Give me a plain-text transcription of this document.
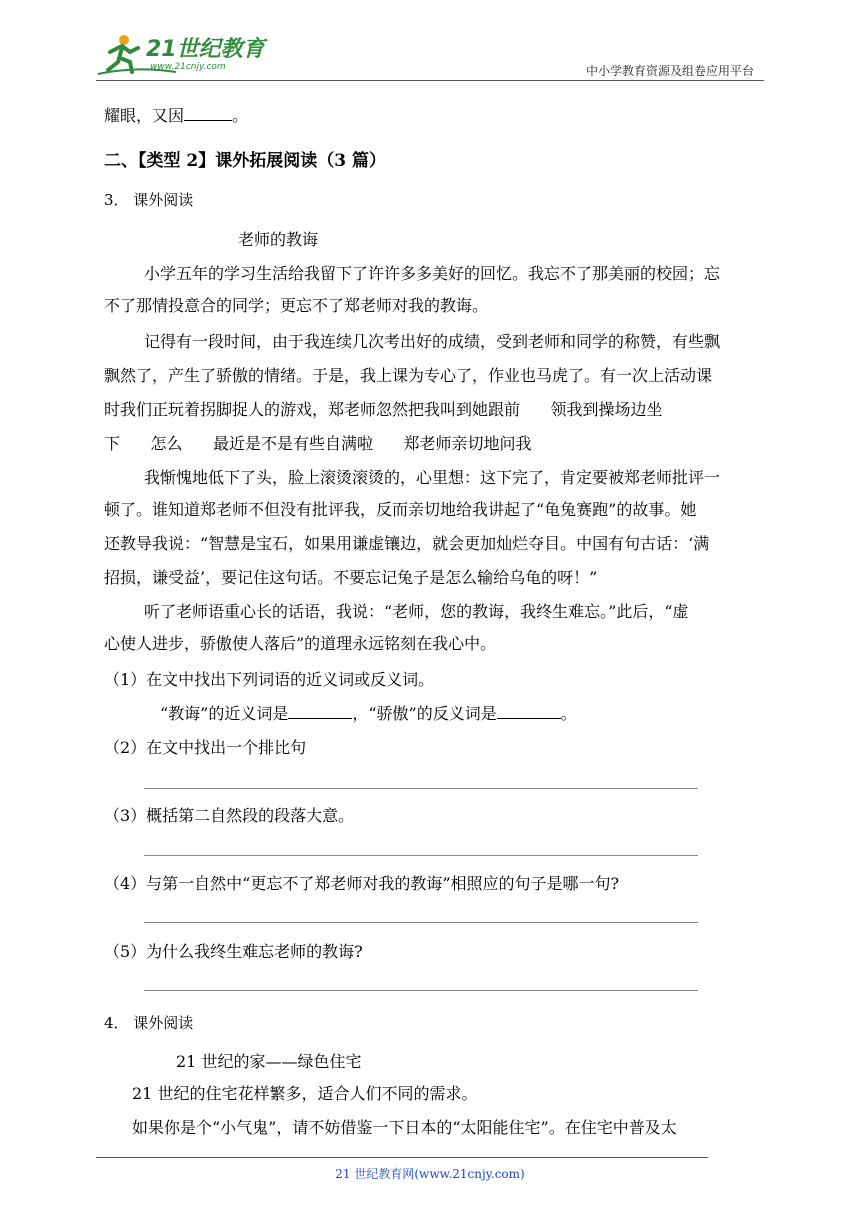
21世纪教育
www.21cnjy.com	中小学教育资源及组卷应用平台
耀眼，又因	。
二、【类型 2】课外拓展阅读（3 篇）
3． 课外阅读
老师的教诲
小学五年的学习生活给我留下了许许多多美好的回忆。我忘不了那美丽的校园；忘
不了那情投意合的同学；更忘不了郑老师对我的教诲。
记得有一段时间，由于我连续几次考出好的成绩，受到老师和同学的称赞，有些飘
飘然了，产生了骄傲的情绪。于是，我上课为专心了，作业也马虎了。有一次上活动课
时我们正玩着拐脚捉人的游戏，郑老师忽然把我叫到她跟前      领我到操场边坐
下      怎么      最近是不是有些自满啦      郑老师亲切地问我
我惭愧地低下了头，脸上滚烫滚烫的，心里想：这下完了，肯定要被郑老师批评一
顿了。谁知道郑老师不但没有批评我，反而亲切地给我讲起了“龟兔赛跑”的故事。她
还教导我说：“智慧是宝石，如果用谦虚镶边，就会更加灿烂夺目。中国有句古话：‘满
招损，谦受益’，要记住这句话。不要忘记兔子是怎么输给乌龟的呀！”
听了老师语重心长的话语，我说：“老师，您的教诲，我终生难忘。”此后，“虚
心使人进步，骄傲使人落后”的道理永远铭刻在我心中。
（1）在文中找出下列词语的近义词或反义词。
“教诲”的近义词是	，“骄傲”的反义词是	。
（2）在文中找出一个排比句
（3）概括第二自然段的段落大意。
（4）与第一自然中“更忘不了郑老师对我的教诲”相照应的句子是哪一句?
（5）为什么我终生难忘老师的教诲?
4． 课外阅读
21 世纪的家——绿色住宅
21 世纪的住宅花样繁多，适合人们不同的需求。
如果你是个“小气鬼”，请不妨借鉴一下日本的“太阳能住宅”。在住宅中普及太
21 世纪教育网(www.21cnjy.com)
